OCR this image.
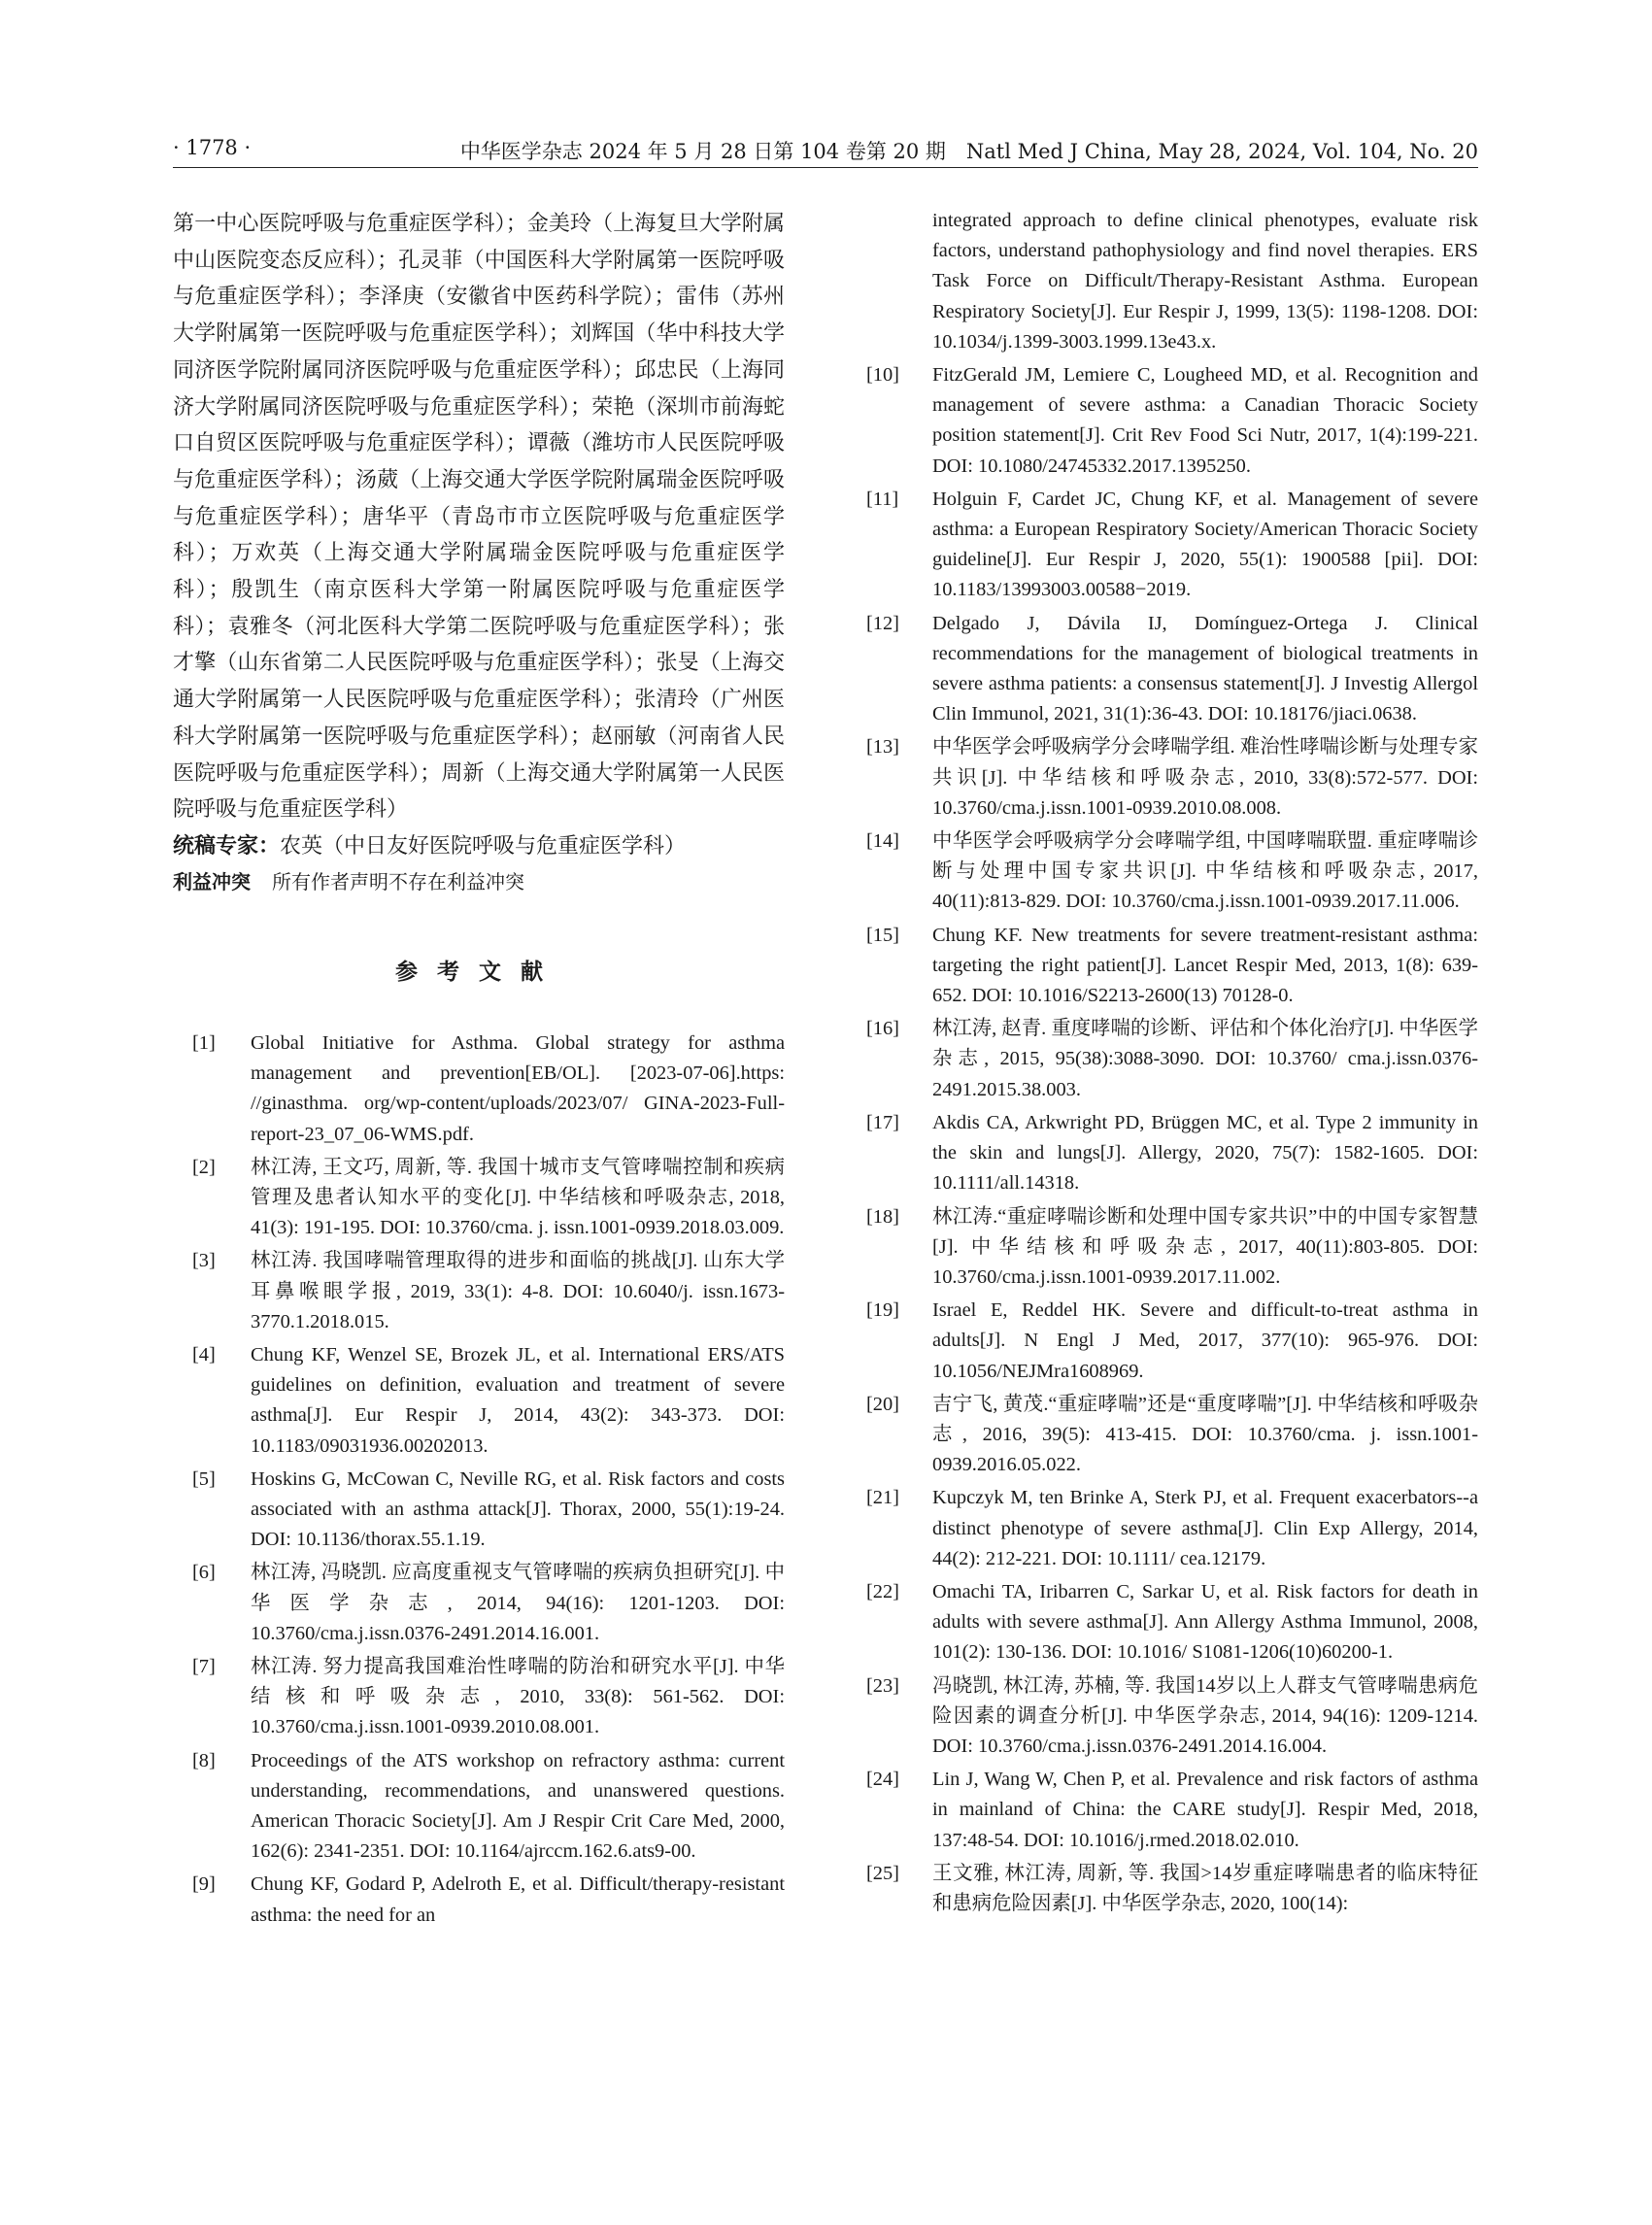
· 1778 ·	中华医学杂志 2024 年 5 月 28 日第 104 卷第 20 期　Natl Med J China, May 28, 2024, Vol. 104, No. 20

第一中心医院呼吸与危重症医学科）；金美玲（上海复旦大学附属中山医院变态反应科）；孔灵菲（中国医科大学附属第一医院呼吸与危重症医学科）；李泽庚（安徽省中医药科学院）；雷伟（苏州大学附属第一医院呼吸与危重症医学科）；刘辉国（华中科技大学同济医学院附属同济医院呼吸与危重症医学科）；邱忠民（上海同济大学附属同济医院呼吸与危重症医学科）；荣艳（深圳市前海蛇口自贸区医院呼吸与危重症医学科）；谭薇（潍坊市人民医院呼吸与危重症医学科）；汤葳（上海交通大学医学院附属瑞金医院呼吸与危重症医学科）；唐华平（青岛市市立医院呼吸与危重症医学科）；万欢英（上海交通大学附属瑞金医院呼吸与危重症医学科）；殷凯生（南京医科大学第一附属医院呼吸与危重症医学科）；袁雅冬（河北医科大学第二医院呼吸与危重症医学科）；张才擎（山东省第二人民医院呼吸与危重症医学科）；张旻（上海交通大学附属第一人民医院呼吸与危重症医学科）；张清玲（广州医科大学附属第一医院呼吸与危重症医学科）；赵丽敏（河南省人民医院呼吸与危重症医学科）；周新（上海交通大学附属第一人民医院呼吸与危重症医学科）

统稿专家：农英（中日友好医院呼吸与危重症医学科）

利益冲突 所有作者声明不存在利益冲突

参考文献
[1] Global Initiative for Asthma. Global strategy for asthma management and prevention[EB/OL]. [2023-07-06].https: //ginasthma. org/wp-content/uploads/2023/07/ GINA-2023-Full-report-23_07_06-WMS.pdf.
[2] 林江涛, 王文巧, 周新, 等. 我国十城市支气管哮喘控制和疾病管理及患者认知水平的变化[J]. 中华结核和呼吸杂志, 2018, 41(3): 191-195. DOI: 10.3760/cma. j. issn.1001-0939.2018.03.009.
[3] 林江涛. 我国哮喘管理取得的进步和面临的挑战[J]. 山东大学耳鼻喉眼学报, 2019, 33(1): 4-8. DOI: 10.6040/j. issn.1673-3770.1.2018.015.
[4] Chung KF, Wenzel SE, Brozek JL, et al. International ERS/ATS guidelines on definition, evaluation and treatment of severe asthma[J]. Eur Respir J, 2014, 43(2): 343-373. DOI: 10.1183/09031936.00202013.
[5] Hoskins G, McCowan C, Neville RG, et al. Risk factors and costs associated with an asthma attack[J]. Thorax, 2000, 55(1):19-24. DOI: 10.1136/thorax.55.1.19.
[6] 林江涛, 冯晓凯. 应高度重视支气管哮喘的疾病负担研究[J]. 中华医学杂志, 2014, 94(16): 1201-1203. DOI: 10.3760/cma.j.issn.0376-2491.2014.16.001.
[7] 林江涛. 努力提高我国难治性哮喘的防治和研究水平[J]. 中华结核和呼吸杂志, 2010, 33(8): 561-562. DOI: 10.3760/cma.j.issn.1001-0939.2010.08.001.
[8] Proceedings of the ATS workshop on refractory asthma: current understanding, recommendations, and unanswered questions. American Thoracic Society[J]. Am J Respir Crit Care Med, 2000, 162(6): 2341-2351. DOI: 10.1164/ajrccm.162.6.ats9-00.
[9] Chung KF, Godard P, Adelroth E, et al. Difficult/therapy-resistant asthma: the need for an
integrated approach to define clinical phenotypes, evaluate risk factors, understand pathophysiology and find novel therapies. ERS Task Force on Difficult/Therapy-Resistant Asthma. European Respiratory Society[J]. Eur Respir J, 1999, 13(5): 1198-1208. DOI: 10.1034/j.1399-3003.1999.13e43.x.
[10] FitzGerald JM, Lemiere C, Lougheed MD, et al. Recognition and management of severe asthma: a Canadian Thoracic Society position statement[J]. Crit Rev Food Sci Nutr, 2017, 1(4):199-221. DOI: 10.1080/24745332.2017.1395250.
[11] Holguin F, Cardet JC, Chung KF, et al. Management of severe asthma: a European Respiratory Society/American Thoracic Society guideline[J]. Eur Respir J, 2020, 55(1): 1900588 [pii]. DOI: 10.1183/13993003.00588−2019.
[12] Delgado J, Dávila IJ, Domínguez-Ortega J. Clinical recommendations for the management of biological treatments in severe asthma patients: a consensus statement[J]. J Investig Allergol Clin Immunol, 2021, 31(1):36-43. DOI: 10.18176/jiaci.0638.
[13] 中华医学会呼吸病学分会哮喘学组. 难治性哮喘诊断与处理专家共识[J]. 中华结核和呼吸杂志, 2010, 33(8):572-577. DOI: 10.3760/cma.j.issn.1001-0939.2010.08.008.
[14] 中华医学会呼吸病学分会哮喘学组, 中国哮喘联盟. 重症哮喘诊断与处理中国专家共识[J]. 中华结核和呼吸杂志, 2017, 40(11):813-829. DOI: 10.3760/cma.j.issn.1001-0939.2017.11.006.
[15] Chung KF. New treatments for severe treatment-resistant asthma: targeting the right patient[J]. Lancet Respir Med, 2013, 1(8): 639-652. DOI: 10.1016/S2213-2600(13) 70128-0.
[16] 林江涛, 赵青. 重度哮喘的诊断、评估和个体化治疗[J]. 中华医学杂志, 2015, 95(38):3088-3090. DOI: 10.3760/ cma.j.issn.0376-2491.2015.38.003.
[17] Akdis CA, Arkwright PD, Brüggen MC, et al. Type 2 immunity in the skin and lungs[J]. Allergy, 2020, 75(7): 1582-1605. DOI: 10.1111/all.14318.
[18] 林江涛.“重症哮喘诊断和处理中国专家共识”中的中国专家智慧[J]. 中华结核和呼吸杂志, 2017, 40(11):803-805. DOI: 10.3760/cma.j.issn.1001-0939.2017.11.002.
[19] Israel E, Reddel HK. Severe and difficult-to-treat asthma in adults[J]. N Engl J Med, 2017, 377(10): 965-976. DOI: 10.1056/NEJMra1608969.
[20] 吉宁飞, 黄茂.“重症哮喘”还是“重度哮喘”[J]. 中华结核和呼吸杂志, 2016, 39(5): 413-415. DOI: 10.3760/cma. j. issn.1001-0939.2016.05.022.
[21] Kupczyk M, ten Brinke A, Sterk PJ, et al. Frequent exacerbators--a distinct phenotype of severe asthma[J]. Clin Exp Allergy, 2014, 44(2): 212-221. DOI: 10.1111/ cea.12179.
[22] Omachi TA, Iribarren C, Sarkar U, et al. Risk factors for death in adults with severe asthma[J]. Ann Allergy Asthma Immunol, 2008, 101(2): 130-136. DOI: 10.1016/ S1081-1206(10)60200-1.
[23] 冯晓凯, 林江涛, 苏楠, 等. 我国14岁以上人群支气管哮喘患病危险因素的调查分析[J]. 中华医学杂志, 2014, 94(16): 1209-1214. DOI: 10.3760/cma.j.issn.0376-2491.2014.16.004.
[24] Lin J, Wang W, Chen P, et al. Prevalence and risk factors of asthma in mainland of China: the CARE study[J]. Respir Med, 2018, 137:48-54. DOI: 10.1016/j.rmed.2018.02.010.
[25] 王文雅, 林江涛, 周新, 等. 我国>14岁重症哮喘患者的临床特征和患病危险因素[J]. 中华医学杂志, 2020, 100(14):
